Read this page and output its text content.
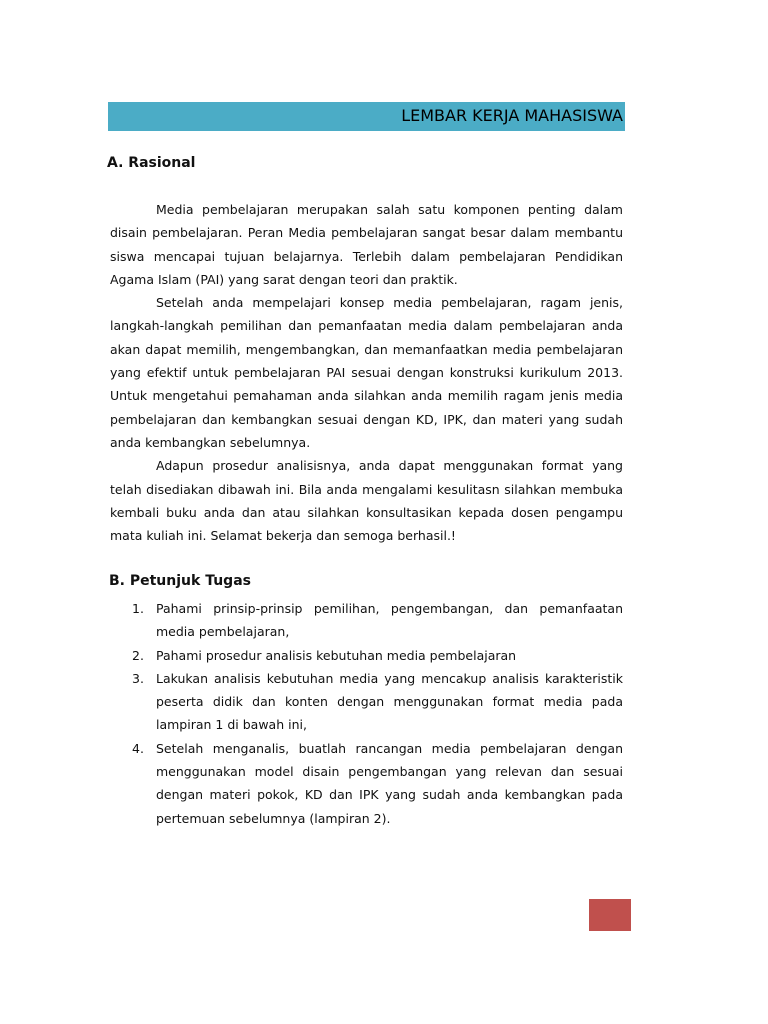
LEMBAR KERJA MAHASISWA
A. Rasional

Media pembelajaran merupakan salah satu komponen penting dalam disain pembelajaran. Peran Media pembelajaran sangat besar dalam membantu siswa mencapai tujuan belajarnya. Terlebih dalam pembelajaran Pendidikan Agama Islam (PAI) yang sarat dengan teori dan praktik.

Setelah anda mempelajari konsep media pembelajaran, ragam jenis, langkah-langkah pemilihan dan pemanfaatan media dalam pembelajaran anda akan dapat memilih, mengembangkan, dan memanfaatkan media pembelajaran yang efektif untuk pembelajaran PAI sesuai dengan konstruksi kurikulum 2013. Untuk mengetahui pemahaman anda silahkan anda memilih ragam jenis media pembelajaran dan kembangkan sesuai dengan KD, IPK, dan materi yang sudah anda kembangkan sebelumnya.

Adapun prosedur analisisnya, anda dapat menggunakan format yang telah disediakan dibawah ini. Bila anda mengalami kesulitasn silahkan membuka kembali buku anda dan atau silahkan konsultasikan kepada dosen pengampu mata kuliah ini. Selamat bekerja dan semoga berhasil.!

B. Petunjuk Tugas
1. Pahami prinsip-prinsip pemilihan, pengembangan, dan pemanfaatan media pembelajaran,
2. Pahami prosedur analisis kebutuhan media pembelajaran
3. Lakukan analisis kebutuhan media yang mencakup analisis karakteristik peserta didik dan konten dengan menggunakan format media pada lampiran 1 di bawah ini,
4. Setelah menganalis, buatlah rancangan media pembelajaran dengan menggunakan model disain pengembangan yang relevan dan sesuai dengan materi pokok, KD dan IPK yang sudah anda kembangkan pada pertemuan sebelumnya (lampiran 2).
